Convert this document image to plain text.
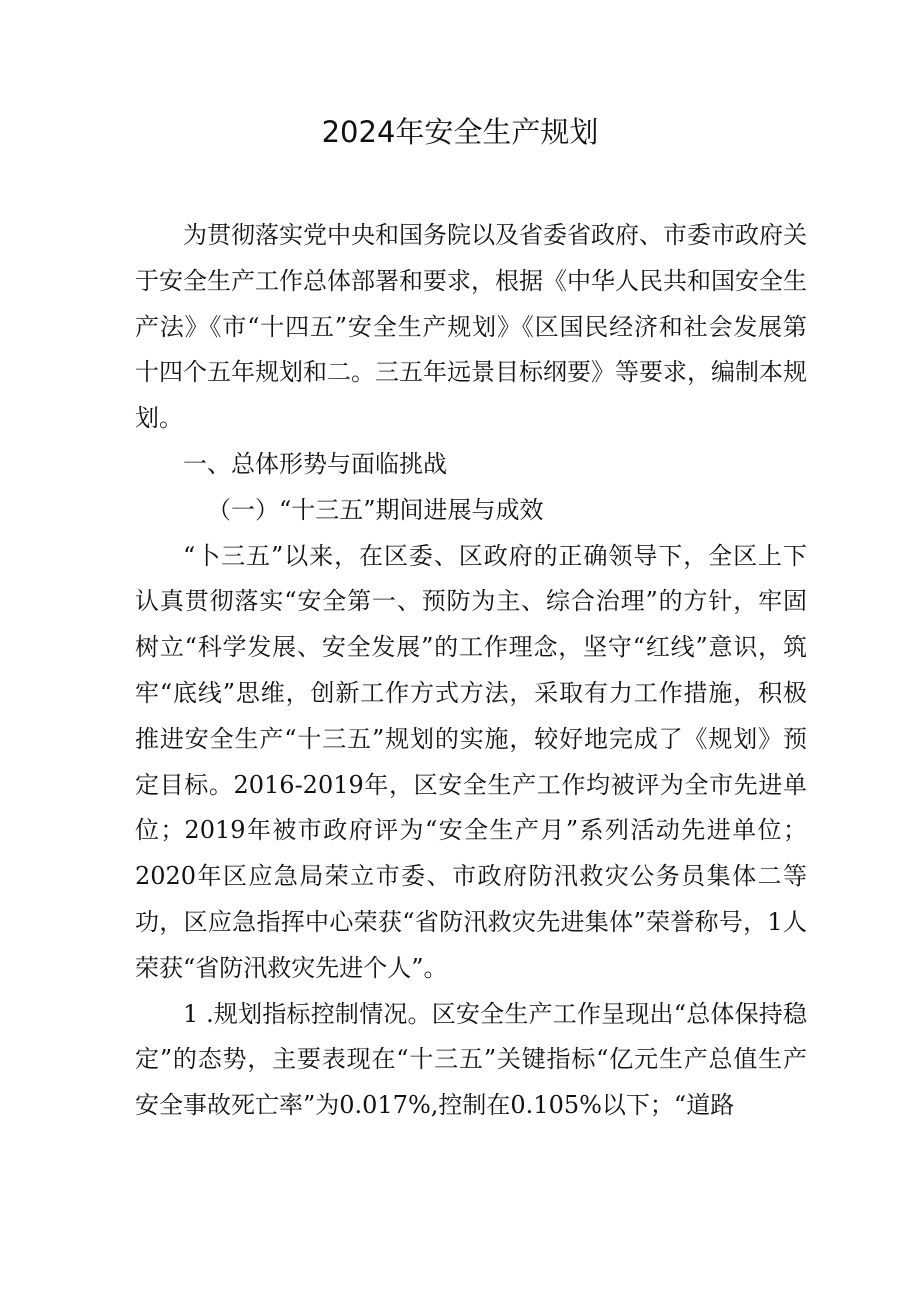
2024年安全生产规划

为贯彻落实党中央和国务院以及省委省政府、市委市政府关于安全生产工作总体部署和要求，根据《中华人民共和国安全生产法》《市“十四五”安全生产规划》《区国民经济和社会发展第十四个五年规划和二。三五年远景目标纲要》等要求，编制本规划。

一、总体形势与面临挑战

（一）“十三五”期间进展与成效

“卜三五”以来，在区委、区政府的正确领导下，全区上下认真贯彻落实“安全第一、预防为主、综合治理”的方针，牢固树立“科学发展、安全发展”的工作理念，坚守“红线”意识，筑牢“底线”思维，创新工作方式方法，采取有力工作措施，积极推进安全生产“十三五”规划的实施，较好地完成了《规划》预定目标。2016-2019年，区安全生产工作均被评为全市先进单位；2019年被市政府评为“安全生产月”系列活动先进单位；2020年区应急局荣立市委、市政府防汛救灾公务员集体二等功，区应急指挥中心荣获“省防汛救灾先进集体”荣誉称号，1人荣获“省防汛救灾先进个人”。

1 .规划指标控制情况。区安全生产工作呈现出“总体保持稳定”的态势，主要表现在“十三五”关键指标“亿元生产总值生产安全事故死亡率”为0.017%,控制在0.105%以下；“道路
